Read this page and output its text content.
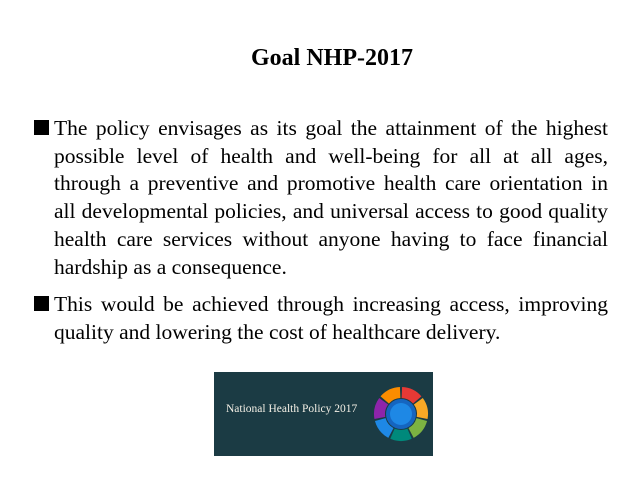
Goal NHP-2017
The policy envisages as its goal the attainment of the highest possible level of health and well-being for all at all ages, through a preventive and promotive health care orientation in all developmental policies, and universal access to good quality health care services without anyone having to face financial hardship as a consequence.
This would be achieved through increasing access, improving quality and lowering the cost of healthcare delivery.
National Health Policy 2017
